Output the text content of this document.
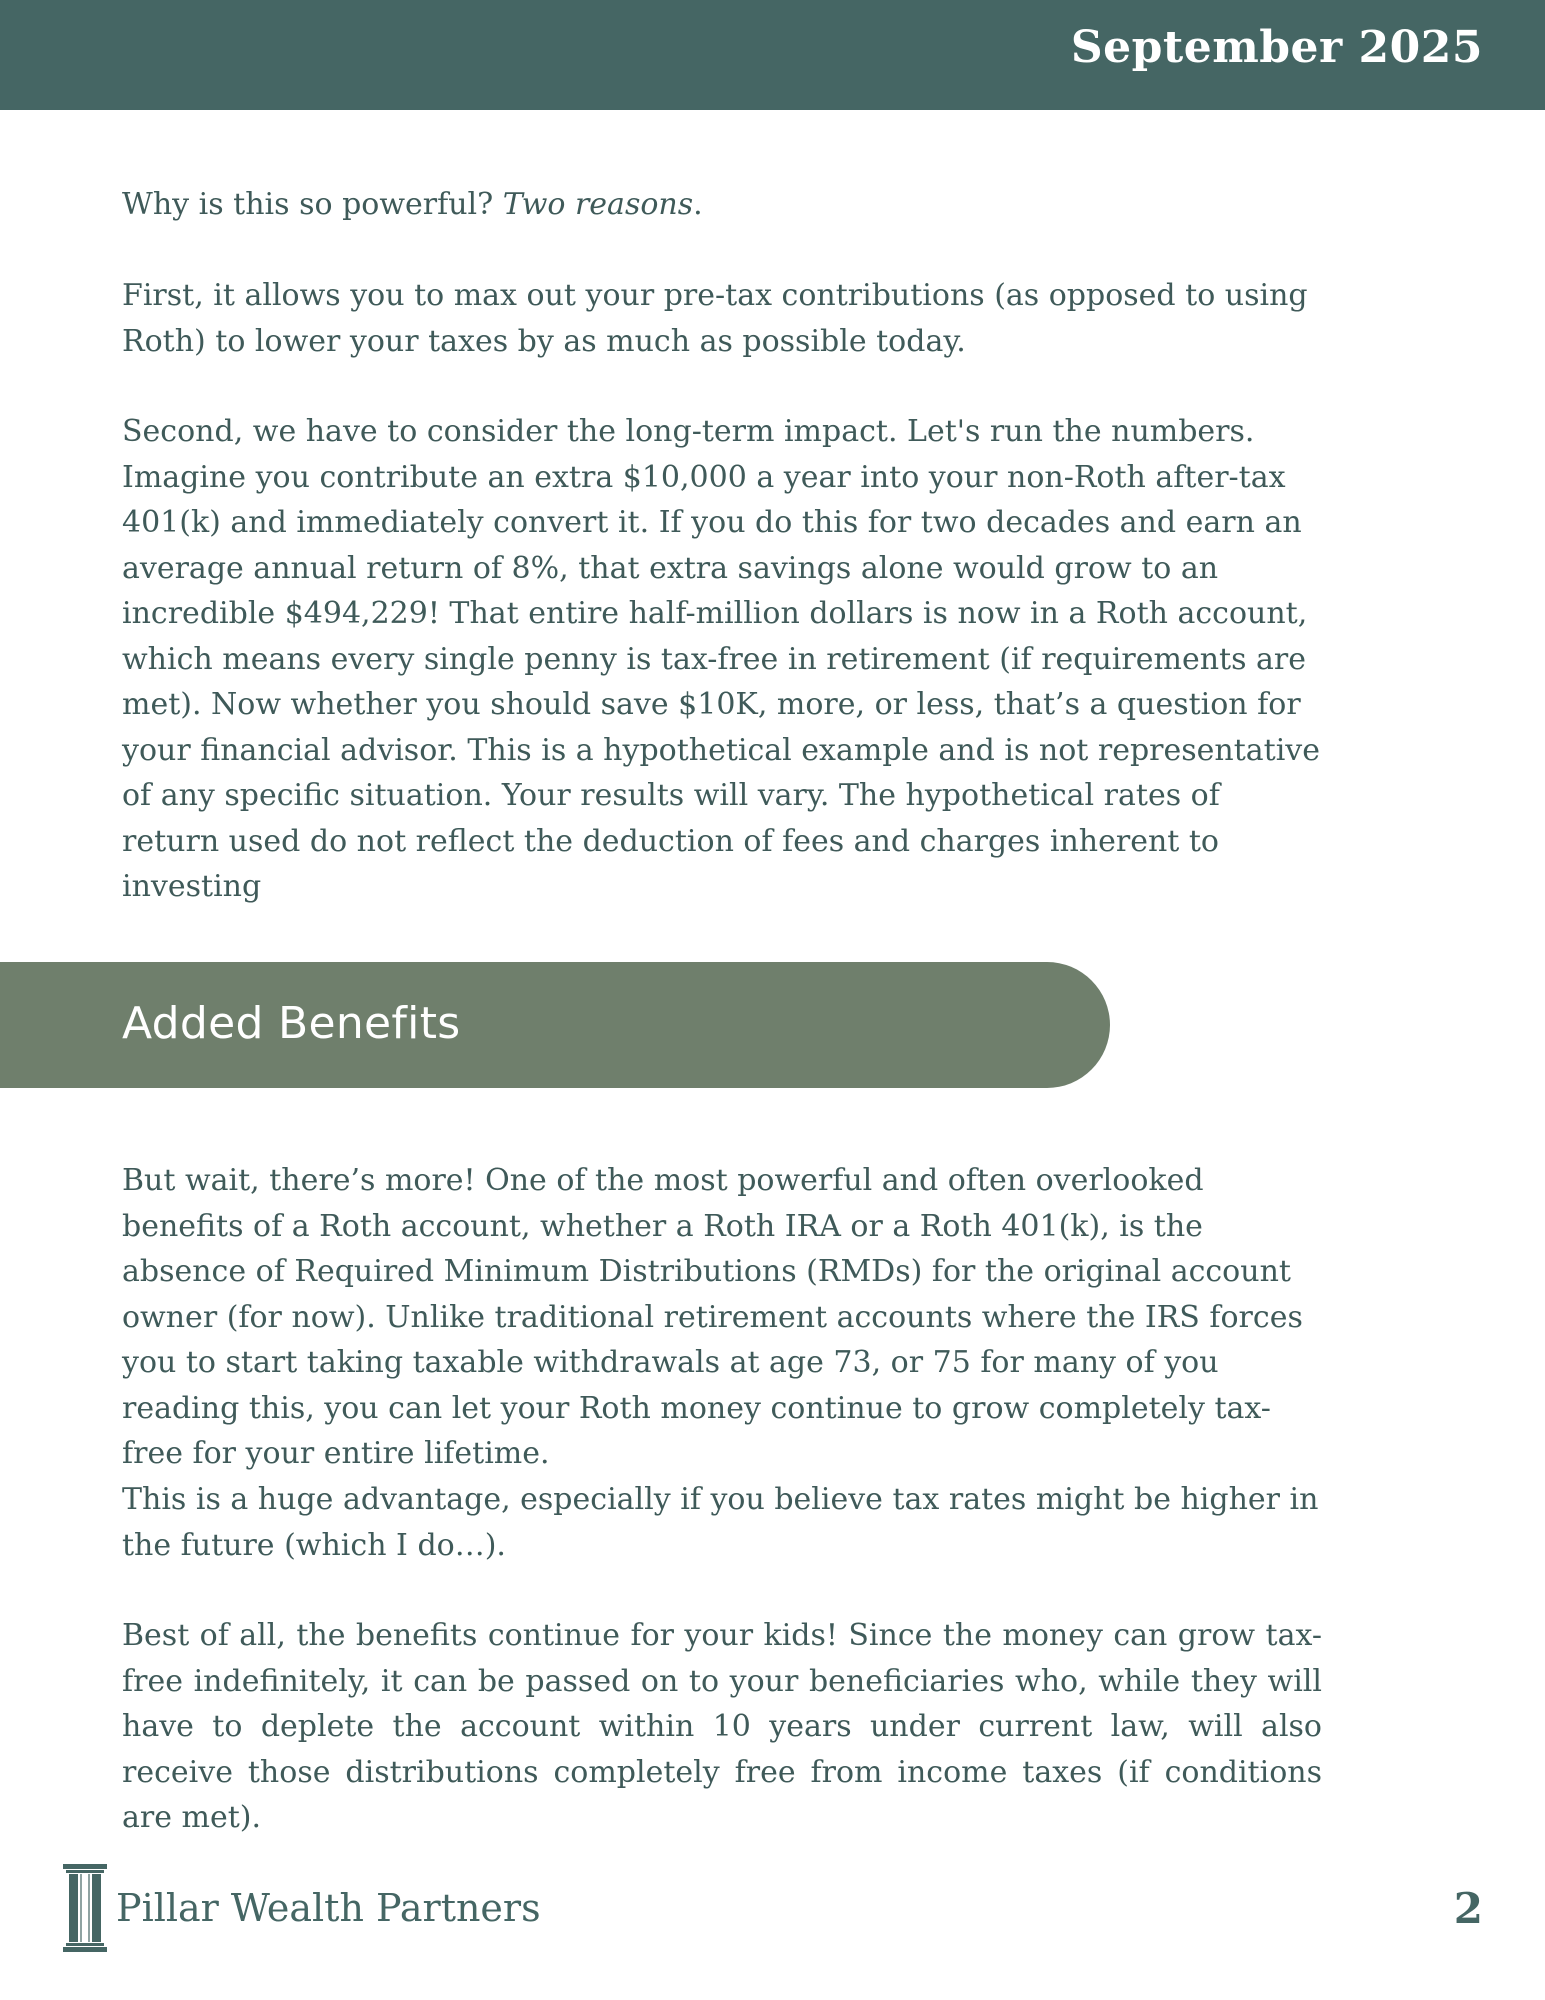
September 2025

Why is this so powerful? Two reasons.

First, it allows you to max out your pre-tax contributions (as opposed to using Roth) to lower your taxes by as much as possible today.

Second, we have to consider the long-term impact. Let's run the numbers. Imagine you contribute an extra $10,000 a year into your non-Roth after-tax 401(k) and immediately convert it. If you do this for two decades and earn an average annual return of 8%, that extra savings alone would grow to an incredible $494,229! That entire half-million dollars is now in a Roth account, which means every single penny is tax-free in retirement (if requirements are met). Now whether you should save $10K, more, or less, that’s a question for your financial advisor. This is a hypothetical example and is not representative of any specific situation. Your results will vary. The hypothetical rates of return used do not reflect the deduction of fees and charges inherent to investing

Added Benefits

But wait, there’s more! One of the most powerful and often overlooked benefits of a Roth account, whether a Roth IRA or a Roth 401(k), is the absence of Required Minimum Distributions (RMDs) for the original account owner (for now). Unlike traditional retirement accounts where the IRS forces you to start taking taxable withdrawals at age 73, or 75 for many of you reading this, you can let your Roth money continue to grow completely tax-free for your entire lifetime.

This is a huge advantage, especially if you believe tax rates might be higher in the future (which I do…).

Best of all, the benefits continue for your kids! Since the money can grow tax-free indefinitely, it can be passed on to your beneficiaries who, while they will have to deplete the account within 10 years under current law, will also receive those distributions completely free from income taxes (if conditions are met).

Pillar Wealth Partners	2
